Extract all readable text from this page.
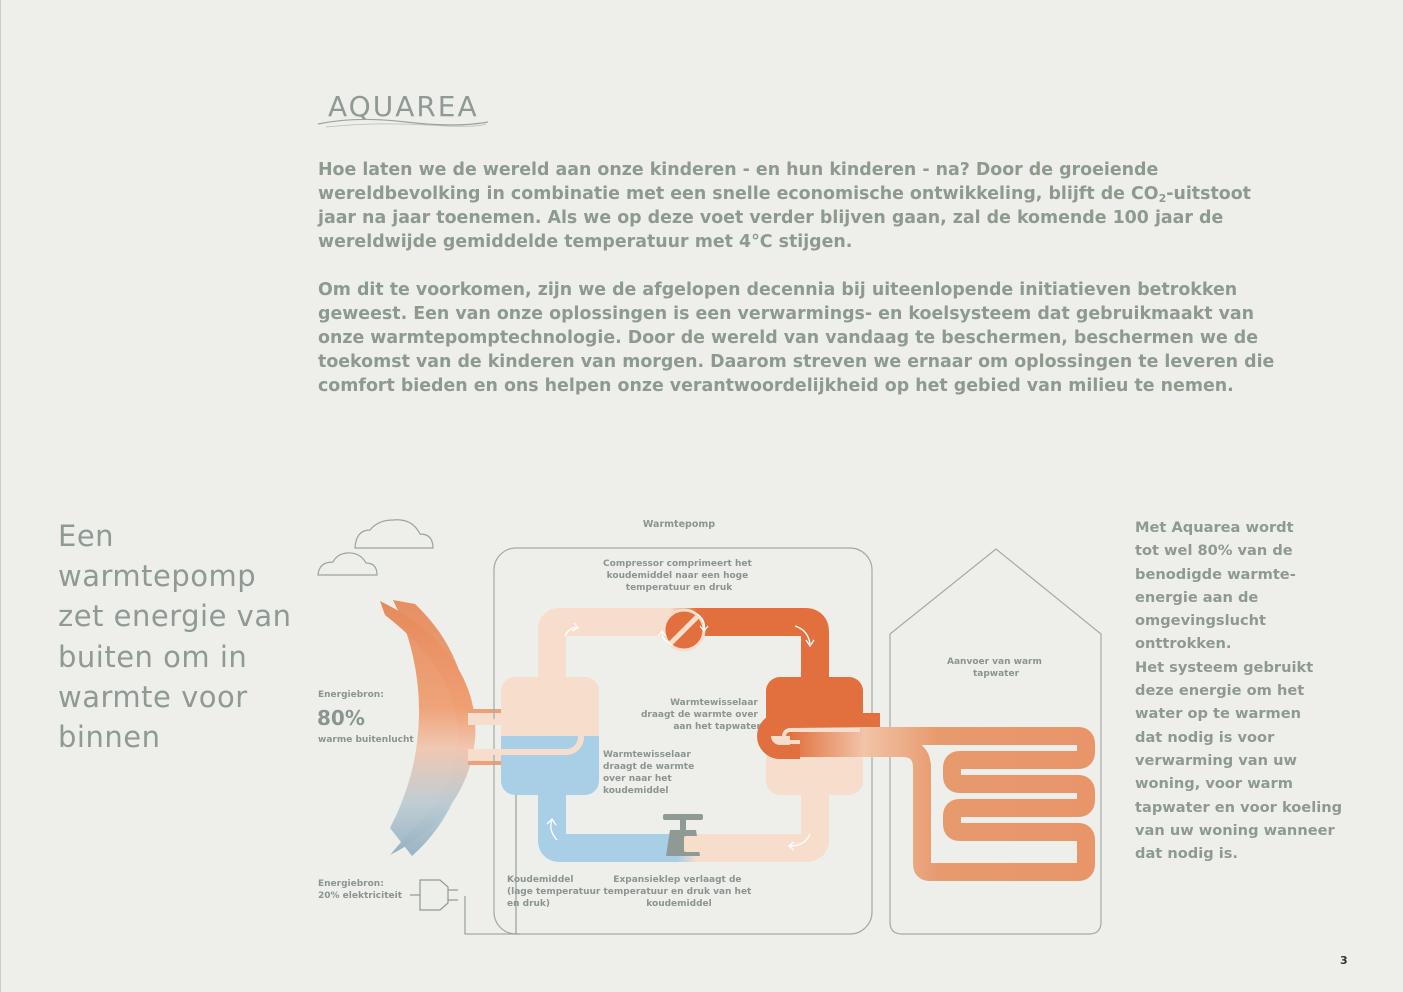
AQUAREA

Hoe laten we de wereld aan onze kinderen - en hun kinderen - na? Door de groeiende wereldbevolking in combinatie met een snelle economische ontwikkeling, blijft de $CO_2$-uitstoot jaar na jaar toenemen. Als we op deze voet verder blijven gaan, zal de komende 100 jaar de wereldwijde gemiddelde temperatuur met 4°C stijgen.

Om dit te voorkomen, zijn we de afgelopen decennia bij uiteenlopende initiatieven betrokken geweest. Een van onze oplossingen is een verwarmings- en koelsysteem dat gebruikmaakt van onze warmtepomptechnologie. Door de wereld van vandaag te beschermen, beschermen we de toekomst van de kinderen van morgen. Daarom streven we ernaar om oplossingen te leveren die comfort bieden en ons helpen onze verantwoordelijkheid op het gebied van milieu te nemen.

Een
warmtepomp
zet energie van
buiten om in
warmte voor
binnen
Met Aquarea wordt
tot wel 80% van de
benodigde warmte-
energie aan de
omgevingslucht
onttrokken.
Het systeem gebruikt
deze energie om het
water op te warmen
dat nodig is voor
verwarming van uw
woning, voor warm
tapwater en voor koeling
van uw woning wanneer
dat nodig is.
Warmtepomp
Compressor comprimeert het koudemiddel naar een hoge temperatuur en druk
Warmtewisselaar draagt de warmte over aan het tapwater
Warmtewisselaar draagt de warmte over naar het koudemiddel
Koudemiddel (lage temperatuur en druk)
Expansieklep verlaagt de temperatuur en druk van het koudemiddel
Aanvoer van warm tapwater
Energiebron:
80%
warme buitenlucht
Energiebron:
20% elektriciteit
3
